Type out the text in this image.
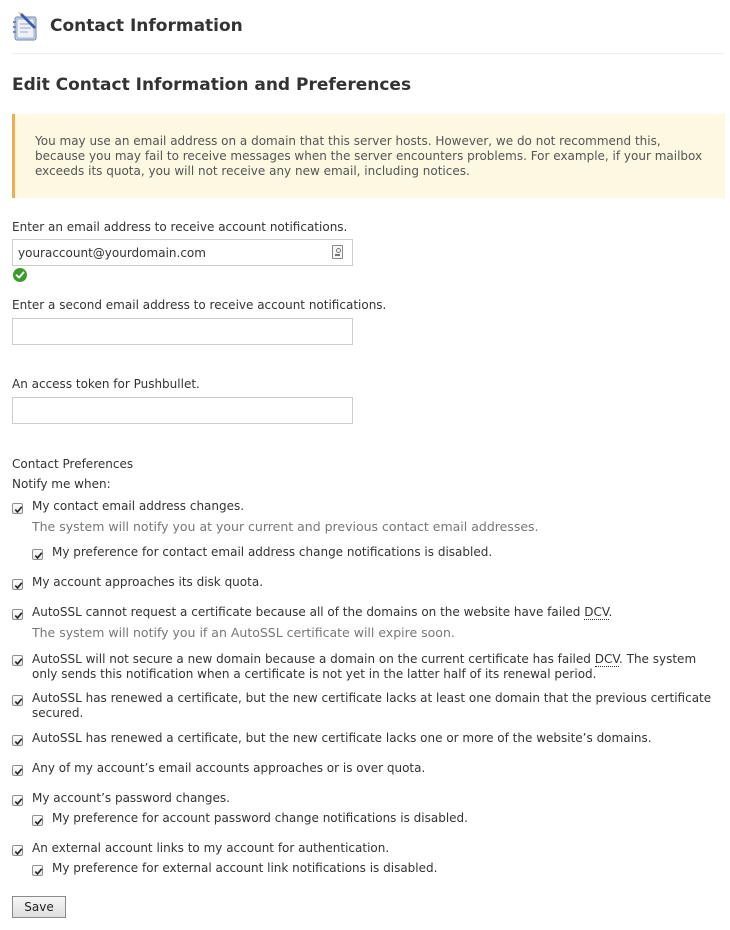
Contact Information
Edit Contact Information and Preferences
You may use an email address on a domain that this server hosts. However, we do not recommend this, because you may fail to receive messages when the server encounters problems. For example, if your mailbox exceeds its quota, you will not receive any new email, including notices.
Enter an email address to receive account notifications.
youraccount@yourdomain.com
Enter a second email address to receive account notifications.
An access token for Pushbullet.
Contact Preferences
Notify me when:
My contact email address changes.
The system will notify you at your current and previous contact email addresses.
My preference for contact email address change notifications is disabled.
My account approaches its disk quota.
AutoSSL cannot request a certificate because all of the domains on the website have failed DCV.
The system will notify you if an AutoSSL certificate will expire soon.
AutoSSL will not secure a new domain because a domain on the current certificate has failed DCV. The system only sends this notification when a certificate is not yet in the latter half of its renewal period.
AutoSSL has renewed a certificate, but the new certificate lacks at least one domain that the previous certificate secured.
AutoSSL has renewed a certificate, but the new certificate lacks one or more of the website’s domains.
Any of my account’s email accounts approaches or is over quota.
My account’s password changes.
My preference for account password change notifications is disabled.
An external account links to my account for authentication.
My preference for external account link notifications is disabled.
Save
